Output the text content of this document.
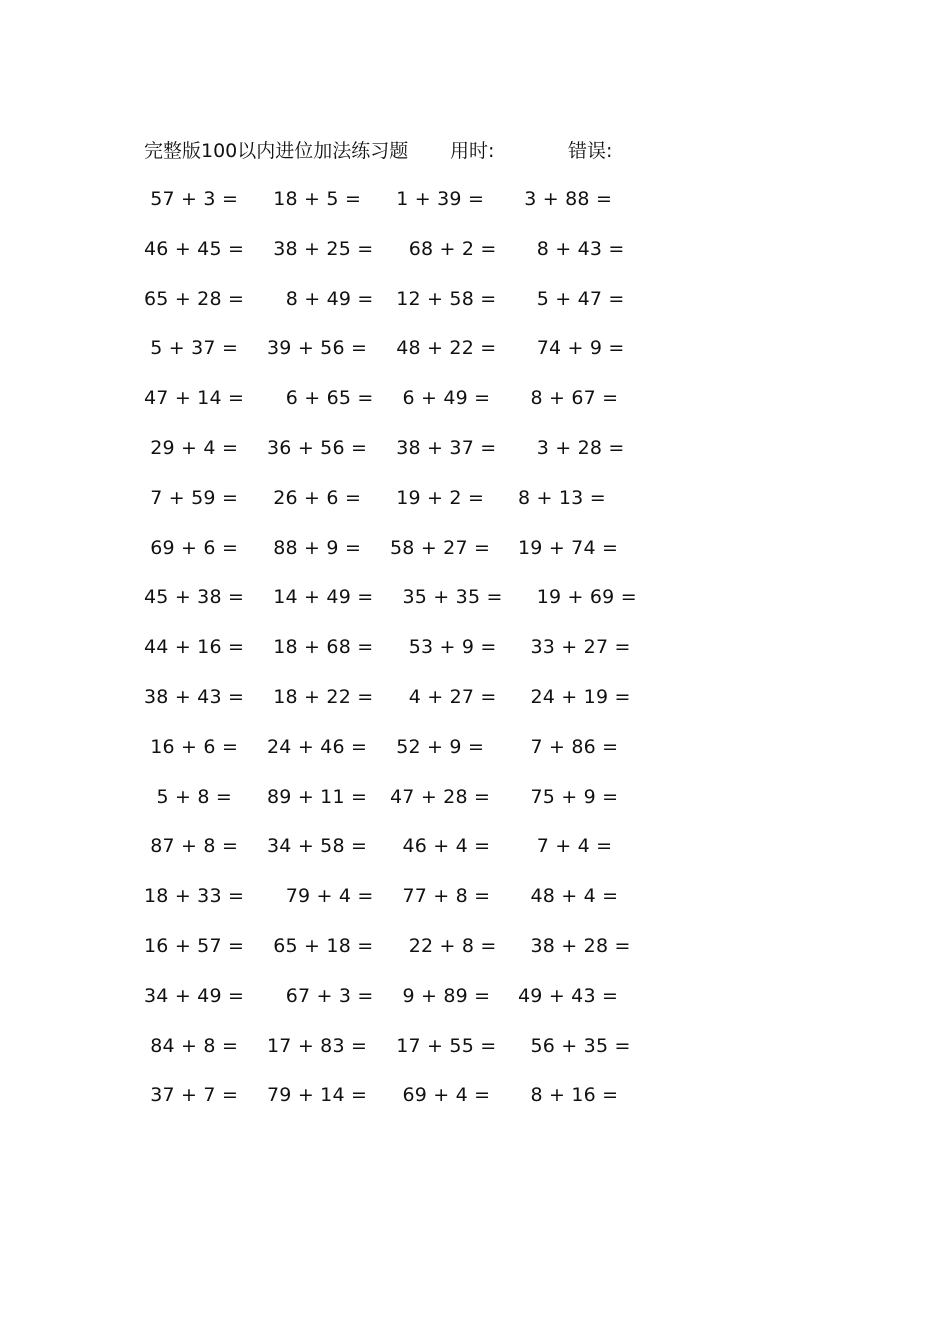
完整版100以内进位加法练习题 用时:	错误:
57 + 3 = 18 + 5 = 1 + 39 = 3 + 88 =
46 + 45 = 38 + 25 = 68 + 2 = 8 + 43 =
65 + 28 = 8 + 49 = 12 + 58 = 5 + 47 =
5 + 37 = 39 + 56 = 48 + 22 = 74 + 9 =
47 + 14 = 6 + 65 = 6 + 49 = 8 + 67 =
29 + 4 = 36 + 56 = 38 + 37 = 3 + 28 =
7 + 59 = 26 + 6 = 19 + 2 = 8 + 13 =
69 + 6 = 88 + 9 = 58 + 27 = 19 + 74 =
45 + 38 = 14 + 49 = 35 + 35 = 19 + 69 =
44 + 16 = 18 + 68 = 53 + 9 = 33 + 27 =
38 + 43 = 18 + 22 = 4 + 27 = 24 + 19 =
16 + 6 = 24 + 46 = 52 + 9 = 7 + 86 =
5 + 8 = 89 + 11 = 47 + 28 = 75 + 9 =
87 + 8 = 34 + 58 = 46 + 4 = 7 + 4 =
18 + 33 = 79 + 4 = 77 + 8 = 48 + 4 =
16 + 57 = 65 + 18 = 22 + 8 = 38 + 28 =
34 + 49 = 67 + 3 = 9 + 89 = 49 + 43 =
84 + 8 = 17 + 83 = 17 + 55 = 56 + 35 =
37 + 7 = 79 + 14 = 69 + 4 = 8 + 16 =
